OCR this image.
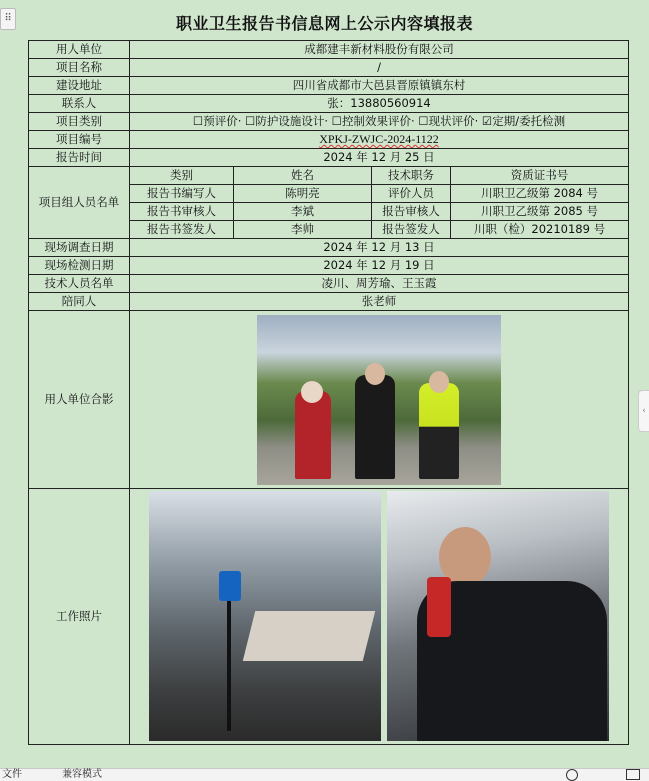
⠿
‹
职业卫生报告书信息网上公示内容填报表
用人单位	成都建丰新材料股份有限公司			
项目名称	/			
建设地址	四川省成都市大邑县晋原镇镇东村			
联系人	张：13880560914			
项目类别	☐预评价· ☐防护设施设计· ☐控制效果评价· ☐现状评价· ☑定期/委托检测			
项目编号	XPKJ-ZWJC-2024-1122			
报告时间	2024 年 12 月 25 日			
项目组人员名单	类别	姓名	技术职务	资质证书号
	报告书编写人	陈明亮	评价人员	川职卫乙级第 2084 号
	报告书审核人	李斌	报告审核人	川职卫乙级第 2085 号
	报告书签发人	李帅	报告签发人	川职（检）20210189 号
现场调查日期	2024 年 12 月 13 日			
现场检测日期	2024 年 12 月 19 日			
技术人员名单	凌川、周芳瑜、王玉霞			
陪同人	张老师			
用人单位合影				

工作照片				
文件	兼容模式
